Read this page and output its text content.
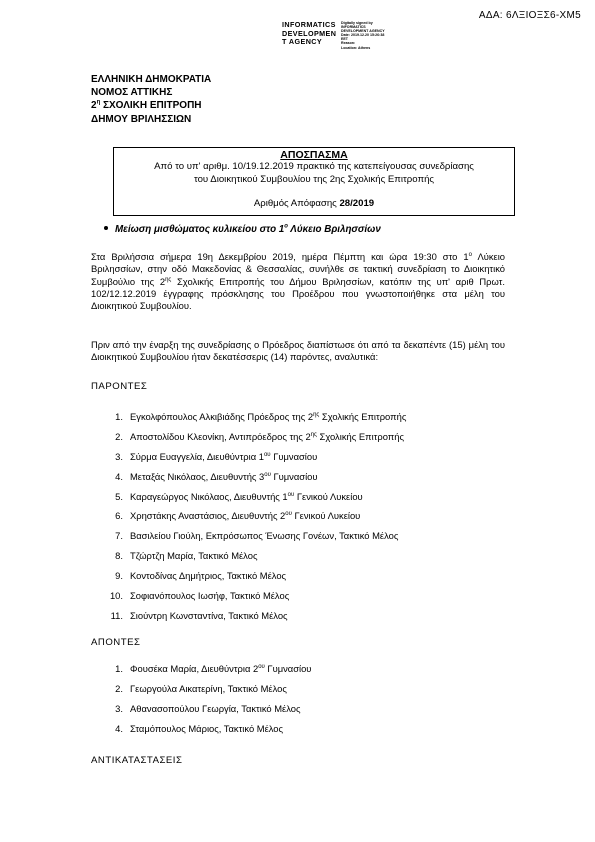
ΑΔΑ: 6ΛΞΙΟΞΣ6-ΧΜ5
INFORMATICS
DEVELOPMEN
T AGENCY
Digitally signed by
INFORMATICS
DEVELOPMENT AGENCY
Date: 2019.12.20 15:26:38
EET
Reason:
Location: Athens
ΕΛΛΗΝΙΚΗ ΔΗΜΟΚΡΑΤΙΑ
ΝΟΜΟΣ ΑΤΤΙΚΗΣ
$2^\eta$ ΣΧΟΛΙΚΗ ΕΠΙΤΡΟΠΗ
ΔΗΜΟΥ ΒΡΙΛΗΣΣΙΩΝ
ΑΠΟΣΠΑΣΜΑ
Από το υπ' αριθμ. 10/19.12.2019 πρακτικό της κατεπείγουσας συνεδρίασης
του Διοικητικού Συμβουλίου της 2ης Σχολικής Επιτροπής
Αριθμός Απόφασης 28/2019
Μείωση μισθώματος κυλικείου στο $1^o$ Λύκειο Βριλησσίων
Στα Βριλήσσια σήμερα 19η Δεκεμβρίου 2019, ημέρα Πέμπτη και ώρα 19:30 στο $1^o$ Λύκειο Βριλησσίων, στην οδό Μακεδονίας & Θεσσαλίας, συνήλθε σε τακτική συνεδρίαση το Διοικητικό Συμβούλιο της $2^{\eta\varsigma}$ Σχολικής Επιτροπής του Δήμου Βριλησσίων, κατόπιν της υπ' αριθ Πρωτ. 102/12.12.2019 έγγραφης πρόσκλησης του Προέδρου που γνωστοποιήθηκε στα μέλη του Διοικητικού Συμβουλίου.
Πριν από την έναρξη της συνεδρίασης ο Πρόεδρος διαπίστωσε ότι από τα δεκαπέντε (15) μέλη του Διοικητικού Συμβουλίου ήταν δεκατέσσερις (14) παρόντες, αναλυτικά:
ΠΑΡΟΝΤΕΣ
1. Εγκολφόπουλος Αλκιβιάδης Πρόεδρος της $2^{\eta\varsigma}$ Σχολικής Επιτροπής
2. Αποστολίδου Κλεονίκη, Αντιπρόεδρος της $2^{\eta\varsigma}$ Σχολικής Επιτροπής
3. Σύρμα Ευαγγελία, Διευθύντρια $1^{o\upsilon}$ Γυμνασίου
4. Μεταξάς Νικόλαος, Διευθυντής $3^{o\upsilon}$ Γυμνασίου
5. Καραγεώργος Νικόλαος, Διευθυντής $1^{o\upsilon}$ Γενικού Λυκείου
6. Χρηστάκης Αναστάσιος, Διευθυντής $2^{o\upsilon}$ Γενικού Λυκείου
7. Βασιλείου Γιούλη, Εκπρόσωπος Ένωσης Γονέων, Τακτικό Μέλος
8. Τζώρτζη Μαρία, Τακτικό Μέλος
9. Κοντοδίνας Δημήτριος, Τακτικό Μέλος
10. Σοφιανόπουλος Ιωσήφ, Τακτικό Μέλος
11. Σιούντρη Κωνσταντίνα, Τακτικό Μέλος
ΑΠΟΝΤΕΣ
1. Φουσέκα Μαρία, Διευθύντρια $2^{o\upsilon}$ Γυμνασίου
2. Γεωργούλα Αικατερίνη, Τακτικό Μέλος
3. Αθανασοπούλου Γεωργία, Τακτικό Μέλος
4. Σταμόπουλος Μάριος, Τακτικό Μέλος
ΑΝΤΙΚΑΤΑΣΤΑΣΕΙΣ
